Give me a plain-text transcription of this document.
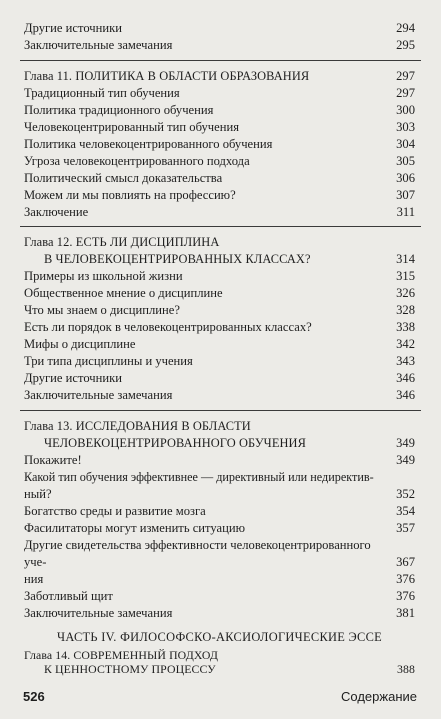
Другие источники	294
Заключительные замечания	295
Глава 11. ПОЛИТИКА В ОБЛАСТИ ОБРАЗОВАНИЯ	297
Традиционный тип обучения	297
Политика традиционного обучения	300
Человекоцентрированный тип обучения	303
Политика человекоцентрированного обучения	304
Угроза человекоцентрированного подхода	305
Политический смысл доказательства	306
Можем ли мы повлиять на профессию?	307
Заключение	311
Глава 12. ЕСТЬ ЛИ ДИСЦИПЛИНА
В ЧЕЛОВЕКОЦЕНТРИРОВАННЫХ КЛАССАХ?	314
Примеры из школьной жизни	315
Общественное мнение о дисциплине	326
Что мы знаем о дисциплине?	328
Есть ли порядок в человекоцентрированных классах?	338
Мифы о дисциплине	342
Три типа дисциплины и учения	343
Другие источники	346
Заключительные замечания	346
Глава 13. ИССЛЕДОВАНИЯ В ОБЛАСТИ
ЧЕЛОВЕКОЦЕНТРИРОВАННОГО ОБУЧЕНИЯ	349
Покажите!	349
Какой тип обучения эффективнее — директивный или недиректив-
ный?	352
Богатство среды и развитие мозга	354
Фасилитаторы могут изменить ситуацию	357
Другие свидетельства эффективности человекоцентрированного
уче-	367
ния	376
Заботливый щит	376
Заключительные замечания	381
ЧАСТЬ IV. ФИЛОСОФСКО-АКСИОЛОГИЧЕСКИЕ ЭССЕ
Глава 14. СОВРЕМЕННЫЙ ПОДХОД
К ЦЕННОСТНОМУ ПРОЦЕССУ	388
526	Содержание
